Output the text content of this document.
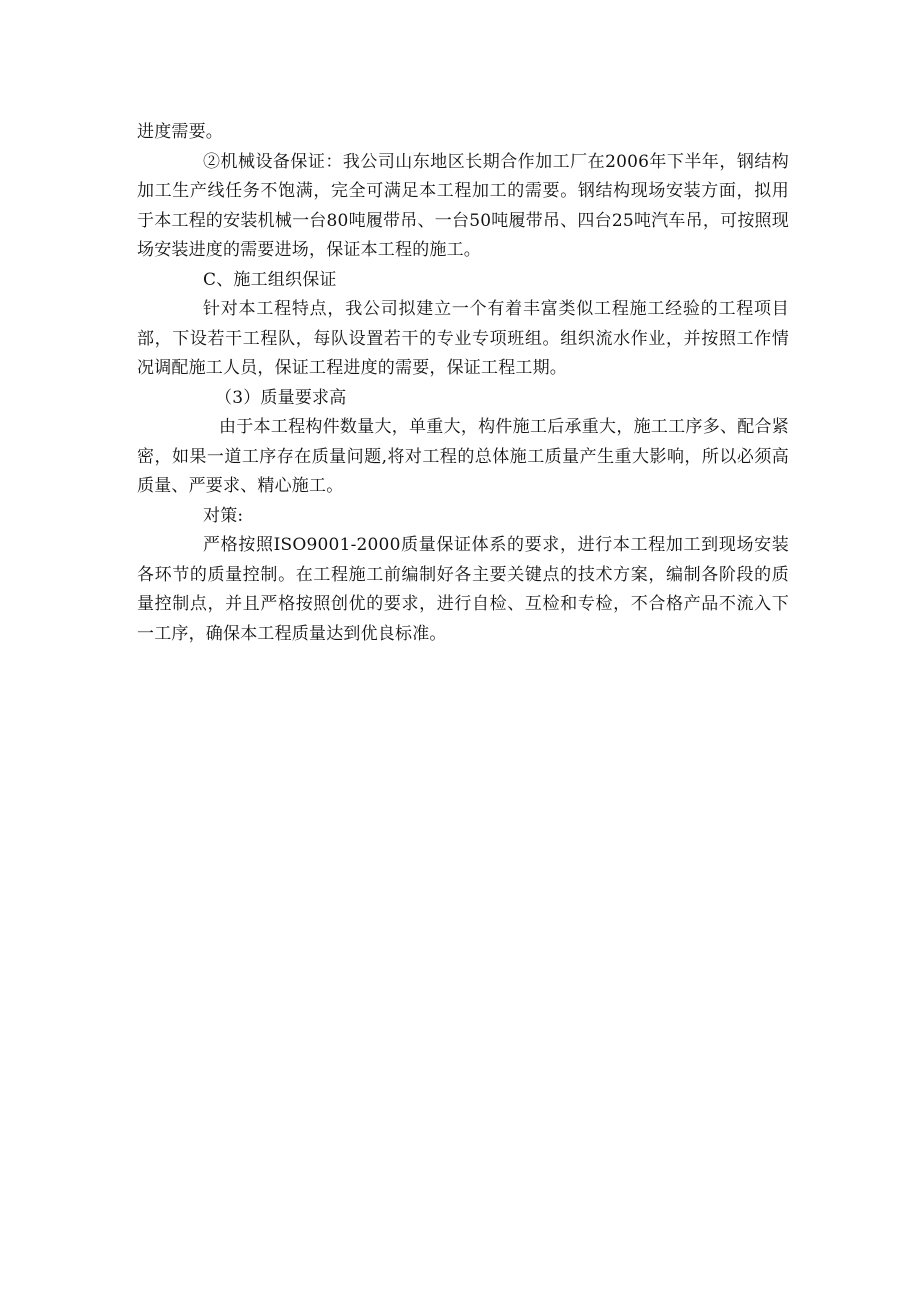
进度需要。

②机械设备保证：我公司山东地区长期合作加工厂在2006年下半年，钢结构加工生产线任务不饱满，完全可满足本工程加工的需要。钢结构现场安装方面，拟用于本工程的安装机械一台80吨履带吊、一台50吨履带吊、四台25吨汽车吊，可按照现场安装进度的需要进场，保证本工程的施工。

C、施工组织保证

针对本工程特点，我公司拟建立一个有着丰富类似工程施工经验的工程项目部，下设若干工程队，每队设置若干的专业专项班组。组织流水作业，并按照工作情况调配施工人员，保证工程进度的需要，保证工程工期。

（3）质量要求高

由于本工程构件数量大，单重大，构件施工后承重大，施工工序多、配合紧密，如果一道工序存在质量问题,将对工程的总体施工质量产生重大影响，所以必须高质量、严要求、精心施工。

对策:

严格按照ISO9001-2000质量保证体系的要求，进行本工程加工到现场安装各环节的质量控制。在工程施工前编制好各主要关键点的技术方案，编制各阶段的质量控制点，并且严格按照创优的要求，进行自检、互检和专检，不合格产品不流入下一工序，确保本工程质量达到优良标准。
